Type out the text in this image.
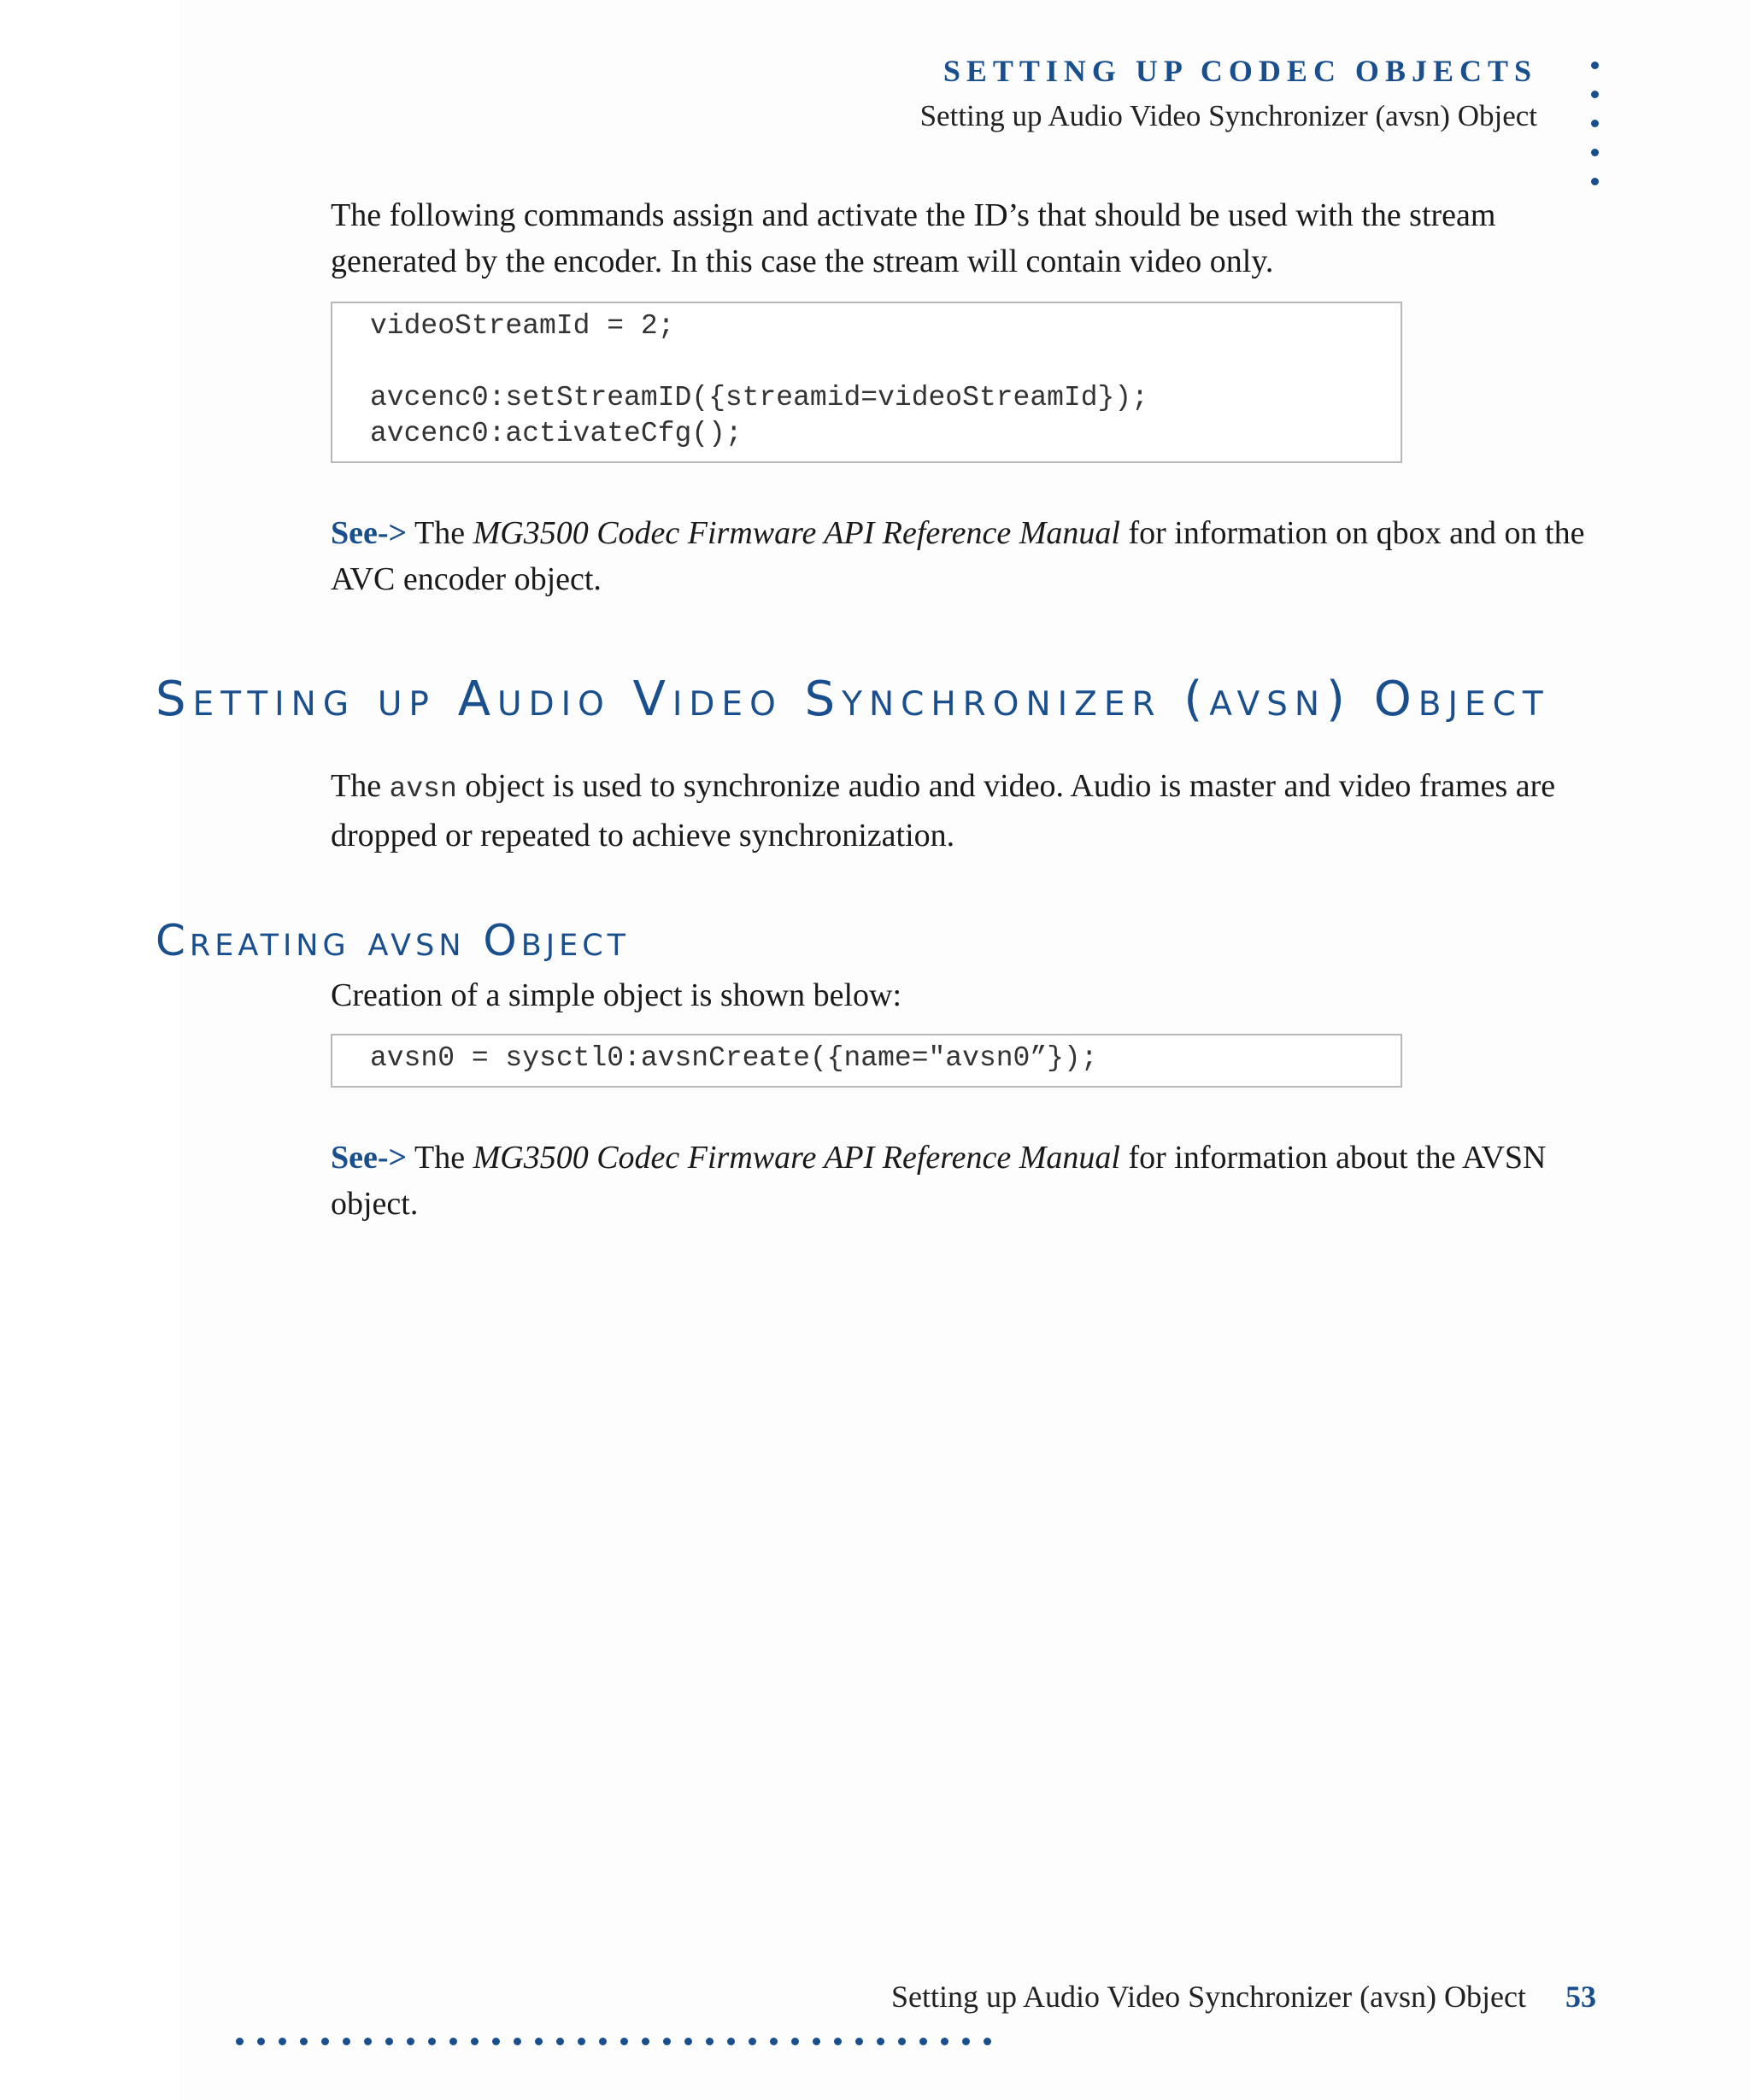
SETTING UP CODEC OBJECTS
Setting up Audio Video Synchronizer (avsn) Object
The following commands assign and activate the ID’s that should be used with the stream generated by the encoder. In this case the stream will contain video only.
videoStreamId = 2;
avcenc0:setStreamID({streamid=videoStreamId});
avcenc0:activateCfg();
See-> The MG3500 Codec Firmware API Reference Manual for information on qbox and on the AVC encoder object.
Setting up Audio Video Synchronizer (avsn) Object
The avsn object is used to synchronize audio and video. Audio is master and video frames are dropped or repeated to achieve synchronization.
Creating avsn Object
Creation of a simple object is shown below:
avsn0 = sysctl0:avsnCreate({name="avsn0”});
See-> The MG3500 Codec Firmware API Reference Manual for information about the AVSN object.
Setting up Audio Video Synchronizer (avsn) Object 53
